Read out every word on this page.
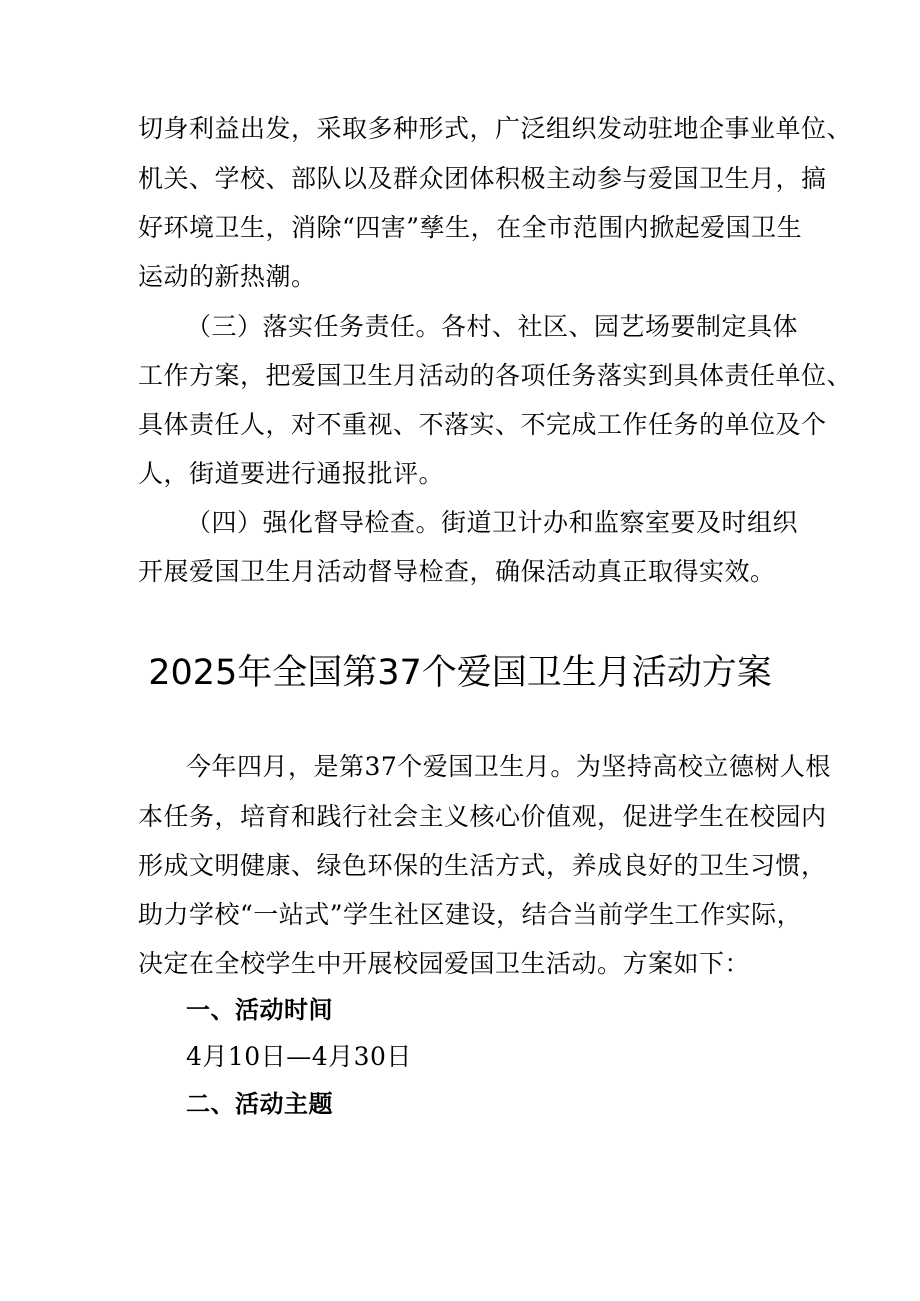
切身利益出发，采取多种形式，广泛组织发动驻地企事业单位、
机关、学校、部队以及群众团体积极主动参与爱国卫生月，搞
好环境卫生，消除“四害”孳生，在全市范围内掀起爱国卫生
运动的新热潮。
（三）落实任务责任。各村、社区、园艺场要制定具体
工作方案，把爱国卫生月活动的各项任务落实到具体责任单位、
具体责任人，对不重视、不落实、不完成工作任务的单位及个
人，街道要进行通报批评。
（四）强化督导检查。街道卫计办和监察室要及时组织
开展爱国卫生月活动督导检查，确保活动真正取得实效。
2025年全国第37个爱国卫生月活动方案
今年四月，是第37个爱国卫生月。为坚持高校立德树人根
本任务，培育和践行社会主义核心价值观，促进学生在校园内
形成文明健康、绿色环保的生活方式，养成良好的卫生习惯，
助力学校“一站式”学生社区建设，结合当前学生工作实际，
决定在全校学生中开展校园爱国卫生活动。方案如下：
一、活动时间
4月10日—4月30日
二、活动主题
